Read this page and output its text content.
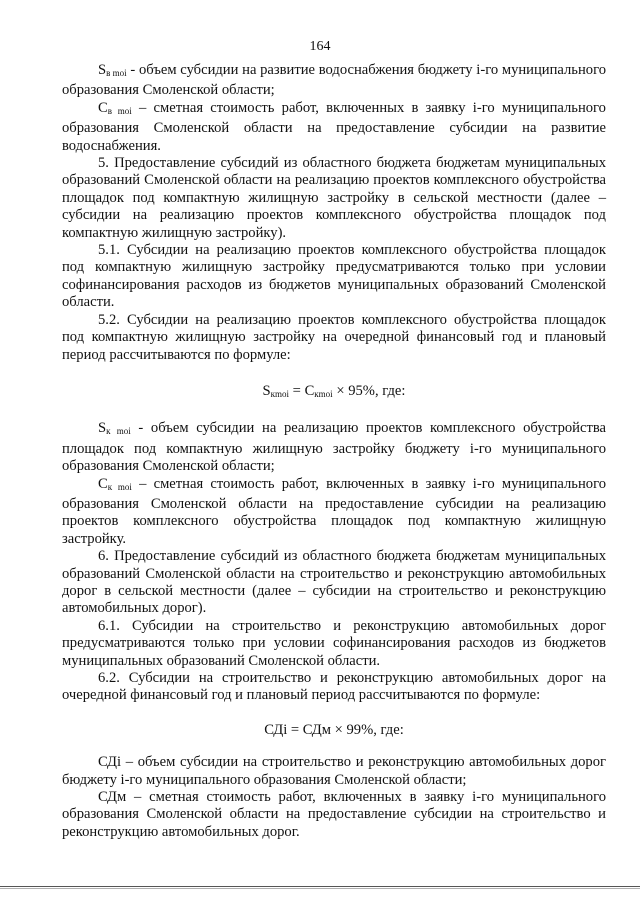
164

$S_{в moi}$ - объем субсидии на развитие водоснабжения бюджету i-го муниципального образования Смоленской области;

$C_{в moi}$ – сметная стоимость работ, включенных в заявку i-го муниципального образования Смоленской области на предоставление субсидии на развитие водоснабжения.

5. Предоставление субсидий из областного бюджета бюджетам муниципальных образований Смоленской области на реализацию проектов комплексного обустройства площадок под компактную жилищную застройку в сельской местности (далее – субсидии на реализацию проектов комплексного обустройства площадок под компактную жилищную застройку).

5.1. Субсидии на реализацию проектов комплексного обустройства площадок под компактную жилищную застройку предусматриваются только при условии софинансирования расходов из бюджетов муниципальных образований Смоленской области.

5.2. Субсидии на реализацию проектов комплексного обустройства площадок под компактную жилищную застройку на очередной финансовый год и плановый период рассчитываются по формуле:

$S_{кmoi} = C_{кmoi} \times 95\%$, где:

$S_{к moi}$ - объем субсидии на реализацию проектов комплексного обустройства площадок под компактную жилищную застройку бюджету i-го муниципального образования Смоленской области;

$C_{к moi}$ – сметная стоимость работ, включенных в заявку i-го муниципального образования Смоленской области на предоставление субсидии на реализацию проектов комплексного обустройства площадок под компактную жилищную застройку.

6. Предоставление субсидий из областного бюджета бюджетам муниципальных образований Смоленской области на строительство и реконструкцию автомобильных дорог в сельской местности (далее – субсидии на строительство и реконструкцию автомобильных дорог).

6.1. Субсидии на строительство и реконструкцию автомобильных дорог предусматриваются только при условии софинансирования расходов из бюджетов муниципальных образований Смоленской области.

6.2. Субсидии на строительство и реконструкцию автомобильных дорог на очередной финансовый год и плановый период рассчитываются по формуле:

СДi = СДм × 99%, где:

СДi – объем субсидии на строительство и реконструкцию автомобильных дорог бюджету i-го муниципального образования Смоленской области;

СДм – сметная стоимость работ, включенных в заявку i-го муниципального образования Смоленской области на предоставление субсидии на строительство и реконструкцию автомобильных дорог.
